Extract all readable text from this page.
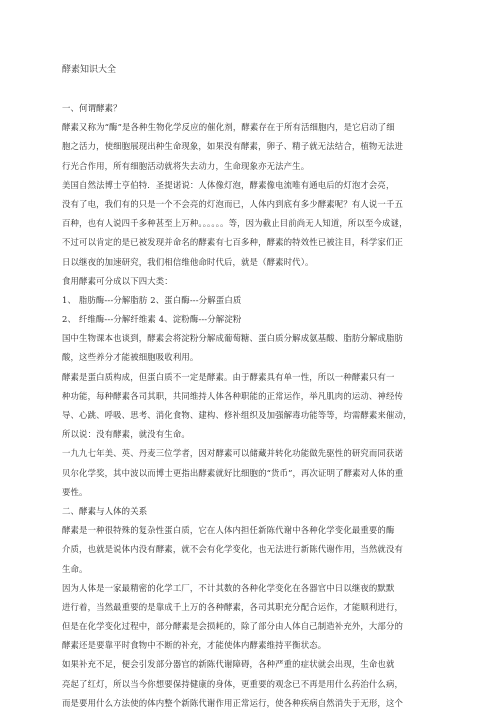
酵素知识大全
一、何谓酵素？
酵素又称为“酶”是各种生物化学反应的催化剂，酵素存在于所有活细胞内，是它启动了细
胞之活力，使细胞展现出种生命现象，如果没有酵素，卵子、精子就无法结合，植物无法进
行光合作用，所有细胞活动就将失去动力，生命现象亦无法产生。
美国自然法博士亨伯特．圣提诺说：人体像灯泡，酵素像电流唯有通电后的灯泡才会亮，
没有了电，我们有的只是一个不会亮的灯泡而已，人体内到底有多少酵素呢？有人说一千五
百种，也有人说四千多种甚至上万种。。。。。。等，因为截止目前尚无人知道，所以至今成谜，
不过可以肯定的是已被发现并命名的酵素有七百多种，酵素的特效性已被注目，科学家们正
日以继夜的加速研究，我们相信维他命时代后，就是（酵素时代）。
食用酵素可分成以下四大类：
1、 脂肪酶---分解脂肪 2、蛋白酶---分解蛋白质
2、 纤维酶---分解纤维素 4、淀粉酶---分解淀粉
国中生物课本也谈到，酵素会将淀粉分解成葡萄糖、蛋白质分解成氨基酸、脂肪分解成脂肪
酸，这些养分才能被细胞吸收利用。
酵素是蛋白质构成，但蛋白质不一定是酵素。由于酵素具有单一性，所以一种酵素只有一
种功能，每种酵素各司其职，共同维持人体各种职能的正常运作，举凡肌肉的运动、神经传
导、心跳、呼吸、思考、消化食物、建构、修补组织及加强解毒功能等等，均需酵素来催动，
所以说：没有酵素，就没有生命。
一九九七年美、英、丹麦三位学者，因对酵素可以储藏并转化功能做先驱性的研究而同获诺
贝尔化学奖，其中波以而博士更指出酵素就好比细胞的“货币”，再次证明了酵素对人体的重
要性。
二、酵素与人体的关系
酵素是一种很特殊的复杂性蛋白质，它在人体内担任新陈代谢中各种化学变化最重要的酶
介质，也就是说体内没有酵素，就不会有化学变化，也无法进行新陈代谢作用，当然就没有
生命。
因为人体是一家最精密的化学工厂，不计其数的各种化学变化在各器官中日以继夜的默默
进行着，当然最重要的是靠成千上万的各种酵素，各司其职充分配合运作，才能顺利进行，
但是在化学变化过程中，部分酵素是会损耗的，除了部分由人体自己制造补充外，大部分的
酵素还是要靠平时食物中不断的补充，才能使体内酵素维持平衡状态。
如果补充不足，便会引发部分器官的新陈代谢障碍，各种严重的症状就会出现，生命也就
亮起了红灯，所以当今你想要保持健康的身体，更重要的观念已不再是用什么药治什么病，
而是要用什么方法使的体内整个新陈代谢作用正常运行，使各种疾病自然消失于无形，这个
